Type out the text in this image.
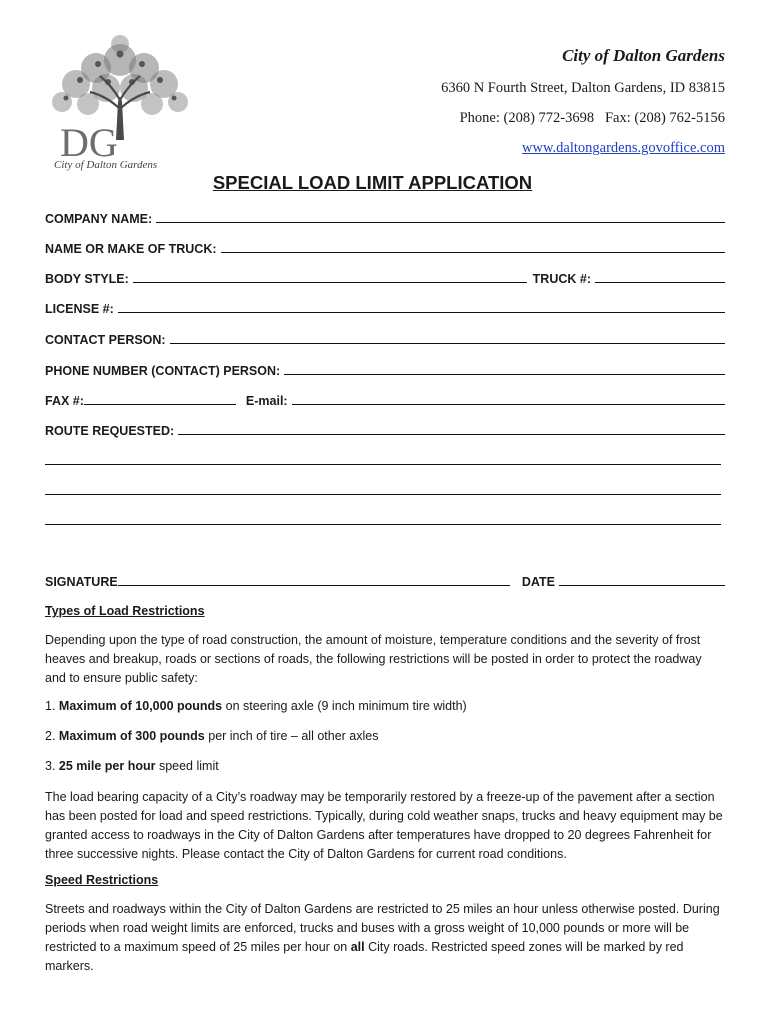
DG
City of Dalton Gardens
City of Dalton Gardens
6360 N Fourth Street, Dalton Gardens, ID 83815
Phone: (208) 772-3698   Fax: (208) 762-5156
www.daltongardens.govoffice.com
SPECIAL LOAD LIMIT APPLICATION
COMPANY NAME:
NAME OR MAKE OF TRUCK:
BODY STYLE:	TRUCK #:
LICENSE #:
CONTACT PERSON:
PHONE NUMBER (CONTACT) PERSON:
FAX #:	E-mail:
ROUTE REQUESTED:
SIGNATURE	DATE
Types of Load Restrictions
Depending upon the type of road construction, the amount of moisture, temperature conditions and the severity of frost heaves and breakup, roads or sections of roads, the following restrictions will be posted in order to protect the roadway and to ensure public safety:
1. Maximum of 10,000 pounds on steering axle (9 inch minimum tire width)
2. Maximum of 300 pounds per inch of tire – all other axles
3. 25 mile per hour speed limit
The load bearing capacity of a City’s roadway may be temporarily restored by a freeze-up of the pavement after a section has been posted for load and speed restrictions. Typically, during cold weather snaps, trucks and heavy equipment may be granted access to roadways in the City of Dalton Gardens after temperatures have dropped to 20 degrees Fahrenheit for three successive nights. Please contact the City of Dalton Gardens for current road conditions.
Speed Restrictions
Streets and roadways within the City of Dalton Gardens are restricted to 25 miles an hour unless otherwise posted. During periods when road weight limits are enforced, trucks and buses with a gross weight of 10,000 pounds or more will be restricted to a maximum speed of 25 miles per hour on all City roads. Restricted speed zones will be marked by red markers.
